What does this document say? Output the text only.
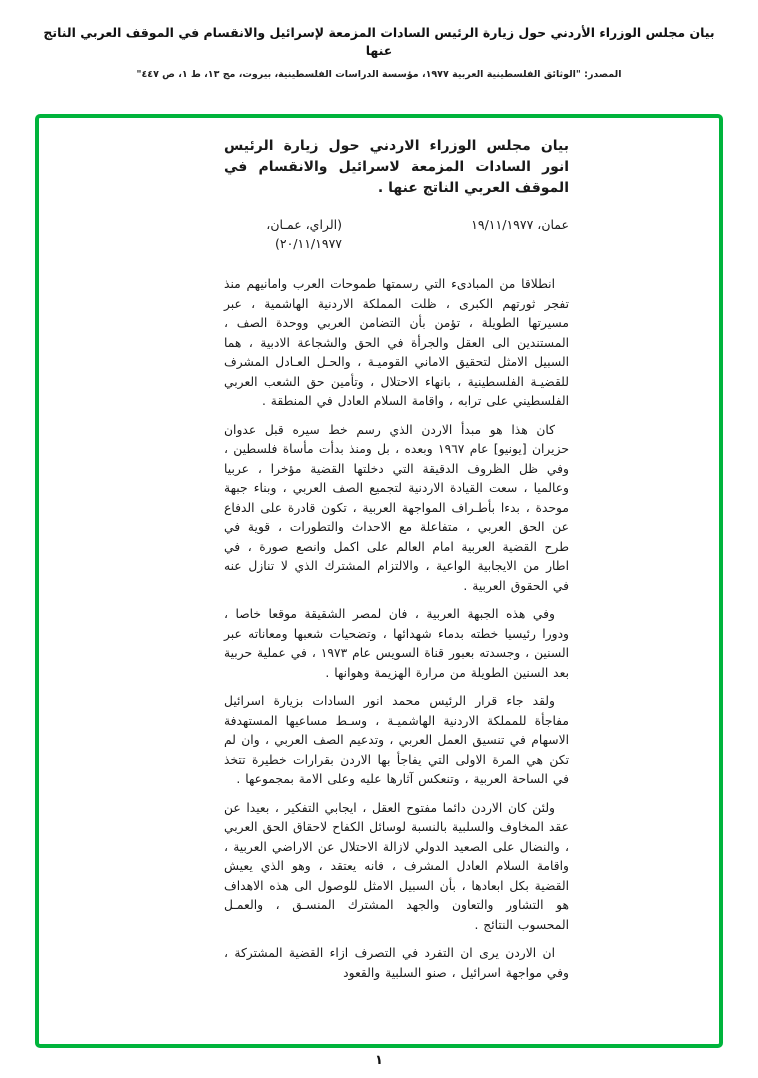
بيان مجلس الوزراء الأردني حول زيارة الرئيس السادات المزمعة لإسرائيل والانقسام في الموقف العربي الناتج عنها
المصدر: "الوثائق الفلسطينية العربية ١٩٧٧، مؤسسة الدراسات الفلسطينية، بيروت، مج ١٣، ط ١، ص ٤٤٧"
بيان مجلس الوزراء الاردني حول زيارة الرئيس انور السادات المزمعة لاسرائيل والانقسام في الموقف العربي الناتج عنها .
عمان، ١٩/١١/١٩٧٧
(الراي، عمـان، ٢٠/١١/١٩٧٧)

انطلاقا من المبادىء التي رسمتها طموحات العرب وامانيهم منذ تفجر ثورتهم الكبرى ، ظلت المملكة الاردنية الهاشمية ، عبر مسيرتها الطويلة ، تؤمن بأن التضامن العربي ووحدة الصف ، المستندين الى العقل والجرأة في الحق والشجاعة الادبية ، هما السبيل الامثل لتحقيق الاماني القوميـة ، والحـل العـادل المشرف للقضيـة الفلسطينية ، بانهاء الاحتلال ، وتأمين حق الشعب العربي الفلسطيني على ترابه ، واقامة السلام العادل في المنطقة .

كان هذا هو مبدأ الاردن الذي رسم خط سيره قبل عدوان حزيران [يونيو] عام ١٩٦٧ وبعده ، بل ومنذ بدأت مأساة فلسطين ، وفي ظل الظروف الدقيقة التي دخلتها القضية مؤخرا ، عربيا وعالميا ، سعت القيادة الاردنية لتجميع الصف العربي ، وبناء جبهة موحدة ، بدءا بأطـراف المواجهة العربية ، تكون قادرة على الدفاع عن الحق العربي ، متفاعلة مع الاحداث والتطورات ، قوية في طرح القضية العربية امام العالم على اكمل وانصع صورة ، في اطار من الايجابية الواعية ، والالتزام المشترك الذي لا تنازل عنه في الحقوق العربية .

وفي هذه الجبهة العربية ، فان لمصر الشقيقة موقعا خاصا ، ودورا رئيسيا خطته بدماء شهدائها ، وتضحيات شعبها ومعاناته عبر السنين ، وجسدته بعبور قناة السويس عام ١٩٧٣ ، في عملية حربية بعد السنين الطويلة من مرارة الهزيمة وهوانها .

ولقد جاء قرار الرئيس محمد انور السادات بزيارة اسرائيل مفاجأة للمملكة الاردنية الهاشميـة ، وسـط مساعيها المستهدفة الاسهام في تنسيق العمل العربي ، وتدعيم الصف العربي ، وان لم تكن هي المرة الاولى التي يفاجأ بها الاردن بقرارات خطيرة تتخذ في الساحة العربية ، وتنعكس آثارها عليه وعلى الامة بمجموعها .

ولئن كان الاردن دائما مفتوح العقل ، ايجابي التفكير ، بعيدا عن عقد المخاوف والسلبية بالنسبة لوسائل الكفاح لاحقاق الحق العربي ، والنضال على الصعيد الدولي لازالة الاحتلال عن الاراضي العربية ، واقامة السلام العادل المشرف ، فانه يعتقد ، وهو الذي يعيش القضية بكل ابعادها ، بأن السبيل الامثل للوصول الى هذه الاهداف هو التشاور والتعاون والجهد المشترك المنسـق ، والعمـل المحسوب النتائج .

ان الاردن يرى ان التفرد في التصرف ازاء القضية المشتركة ، وفي مواجهة اسرائيل ، صنو السلبية والقعود

١
